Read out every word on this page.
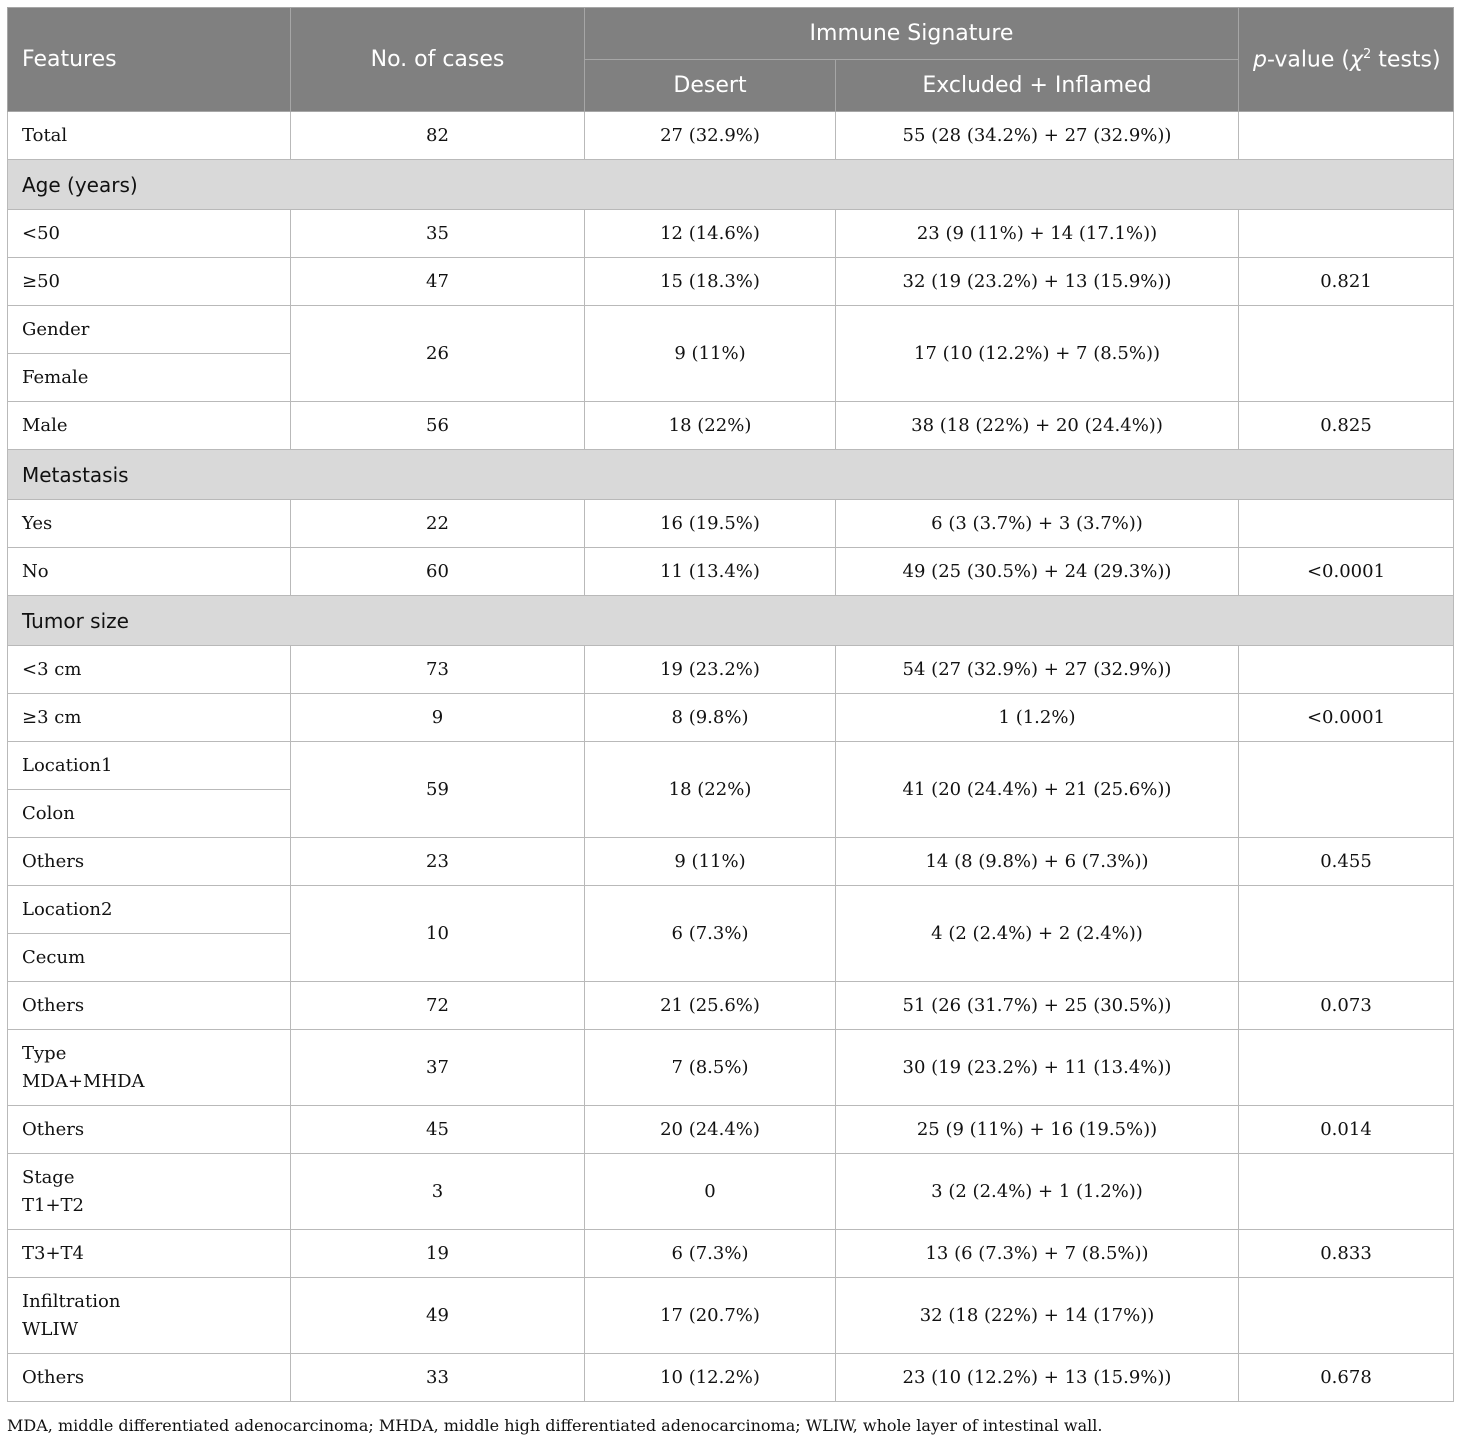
Features	No. of cases	Immune Signature		p-value ($\chi^2$ tests)
		Desert	Excluded + Inflamed	
Total	82	27 (32.9%)	55 (28 (34.2%) + 27 (32.9%))	
Age (years)				
<50	35	12 (14.6%)	23 (9 (11%) + 14 (17.1%))	
≥50	47	15 (18.3%)	32 (19 (23.2%) + 13 (15.9%))	0.821
Gender	26	9 (11%)	17 (10 (12.2%) + 7 (8.5%))	
Female				
Male	56	18 (22%)	38 (18 (22%) + 20 (24.4%))	0.825
Metastasis				
Yes	22	16 (19.5%)	6 (3 (3.7%) + 3 (3.7%))	
No	60	11 (13.4%)	49 (25 (30.5%) + 24 (29.3%))	<0.0001
Tumor size				
<3 cm	73	19 (23.2%)	54 (27 (32.9%) + 27 (32.9%))	
≥3 cm	9	8 (9.8%)	1 (1.2%)	<0.0001
Location1	59	18 (22%)	41 (20 (24.4%) + 21 (25.6%))	
Colon				
Others	23	9 (11%)	14 (8 (9.8%) + 6 (7.3%))	0.455
Location2	10	6 (7.3%)	4 (2 (2.4%) + 2 (2.4%))	
Cecum				
Others	72	21 (25.6%)	51 (26 (31.7%) + 25 (30.5%))	0.073

Type
MDA+MHDA	37	7 (8.5%)	30 (19 (23.2%) + 11 (13.4%))	
Others	45	20 (24.4%)	25 (9 (11%) + 16 (19.5%))	0.014

Stage
T1+T2	3	0	3 (2 (2.4%) + 1 (1.2%))	
T3+T4	19	6 (7.3%)	13 (6 (7.3%) + 7 (8.5%))	0.833

Infiltration
WLIW	49	17 (20.7%)	32 (18 (22%) + 14 (17%))	
Others	33	10 (12.2%)	23 (10 (12.2%) + 13 (15.9%))	0.678
MDA, middle differentiated adenocarcinoma; MHDA, middle high differentiated adenocarcinoma; WLIW, whole layer of intestinal wall.
